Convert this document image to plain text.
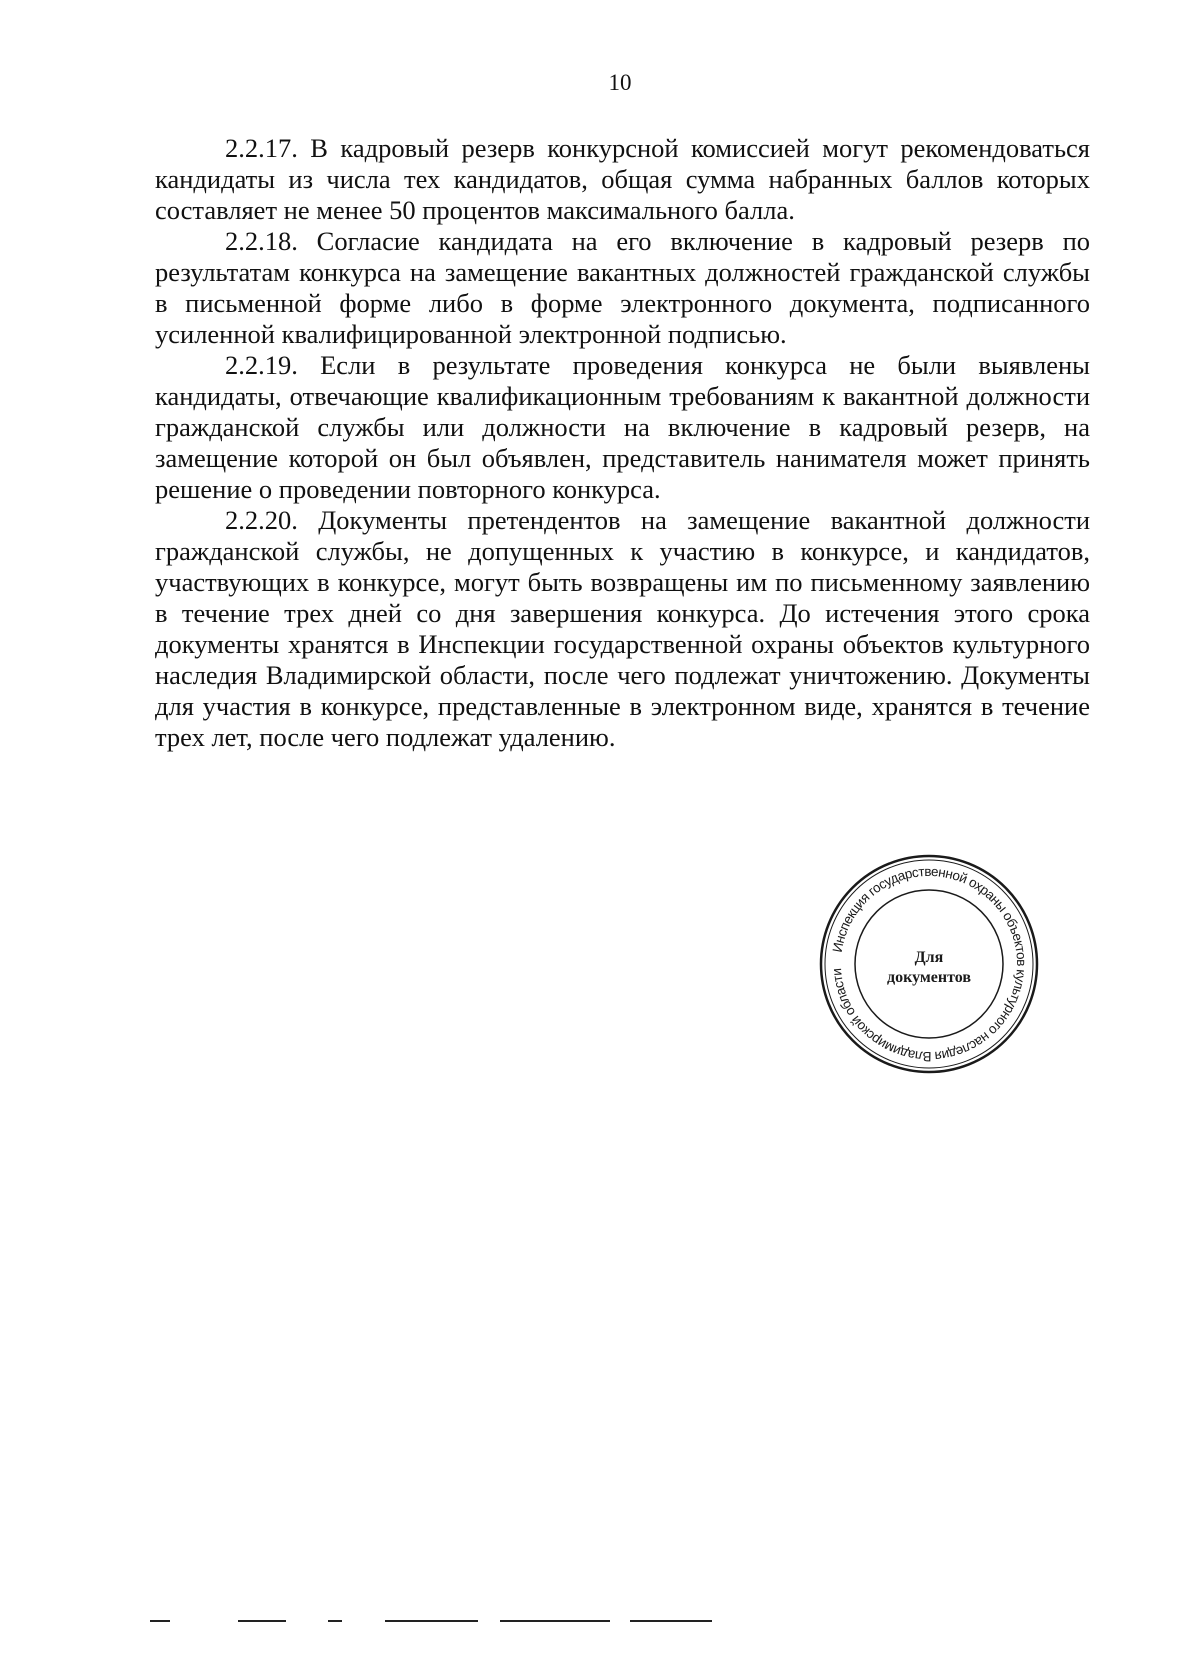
10

2.2.17. В кадровый резерв конкурсной комиссией могут рекомендоваться кандидаты из числа тех кандидатов, общая сумма набранных баллов которых составляет не менее 50 процентов максимального балла.

2.2.18. Согласие кандидата на его включение в кадровый резерв по результатам конкурса на замещение вакантных должностей гражданской службы в письменной форме либо в форме электронного документа, подписанного усиленной квалифицированной электронной подписью.

2.2.19. Если в результате проведения конкурса не были выявлены кандидаты, отвечающие квалификационным требованиям к вакантной должности гражданской службы или должности на включение в кадровый резерв, на замещение которой он был объявлен, представитель нанимателя может принять решение о проведении повторного конкурса.

2.2.20. Документы претендентов на замещение вакантной должности гражданской службы, не допущенных к участию в конкурсе, и кандидатов, участвующих в конкурсе, могут быть возвращены им по письменному заявлению в течение трех дней со дня завершения конкурса. До истечения этого срока документы хранятся в Инспекции государственной охраны объектов культурного наследия Владимирской области, после чего подлежат уничтожению. Документы для участия в конкурсе, представленные в электронном виде, хранятся в течение трех лет, после чего подлежат удалению.

Инспекция государственной охраны объектов культурного наследия Владимирской области
Для
документов
